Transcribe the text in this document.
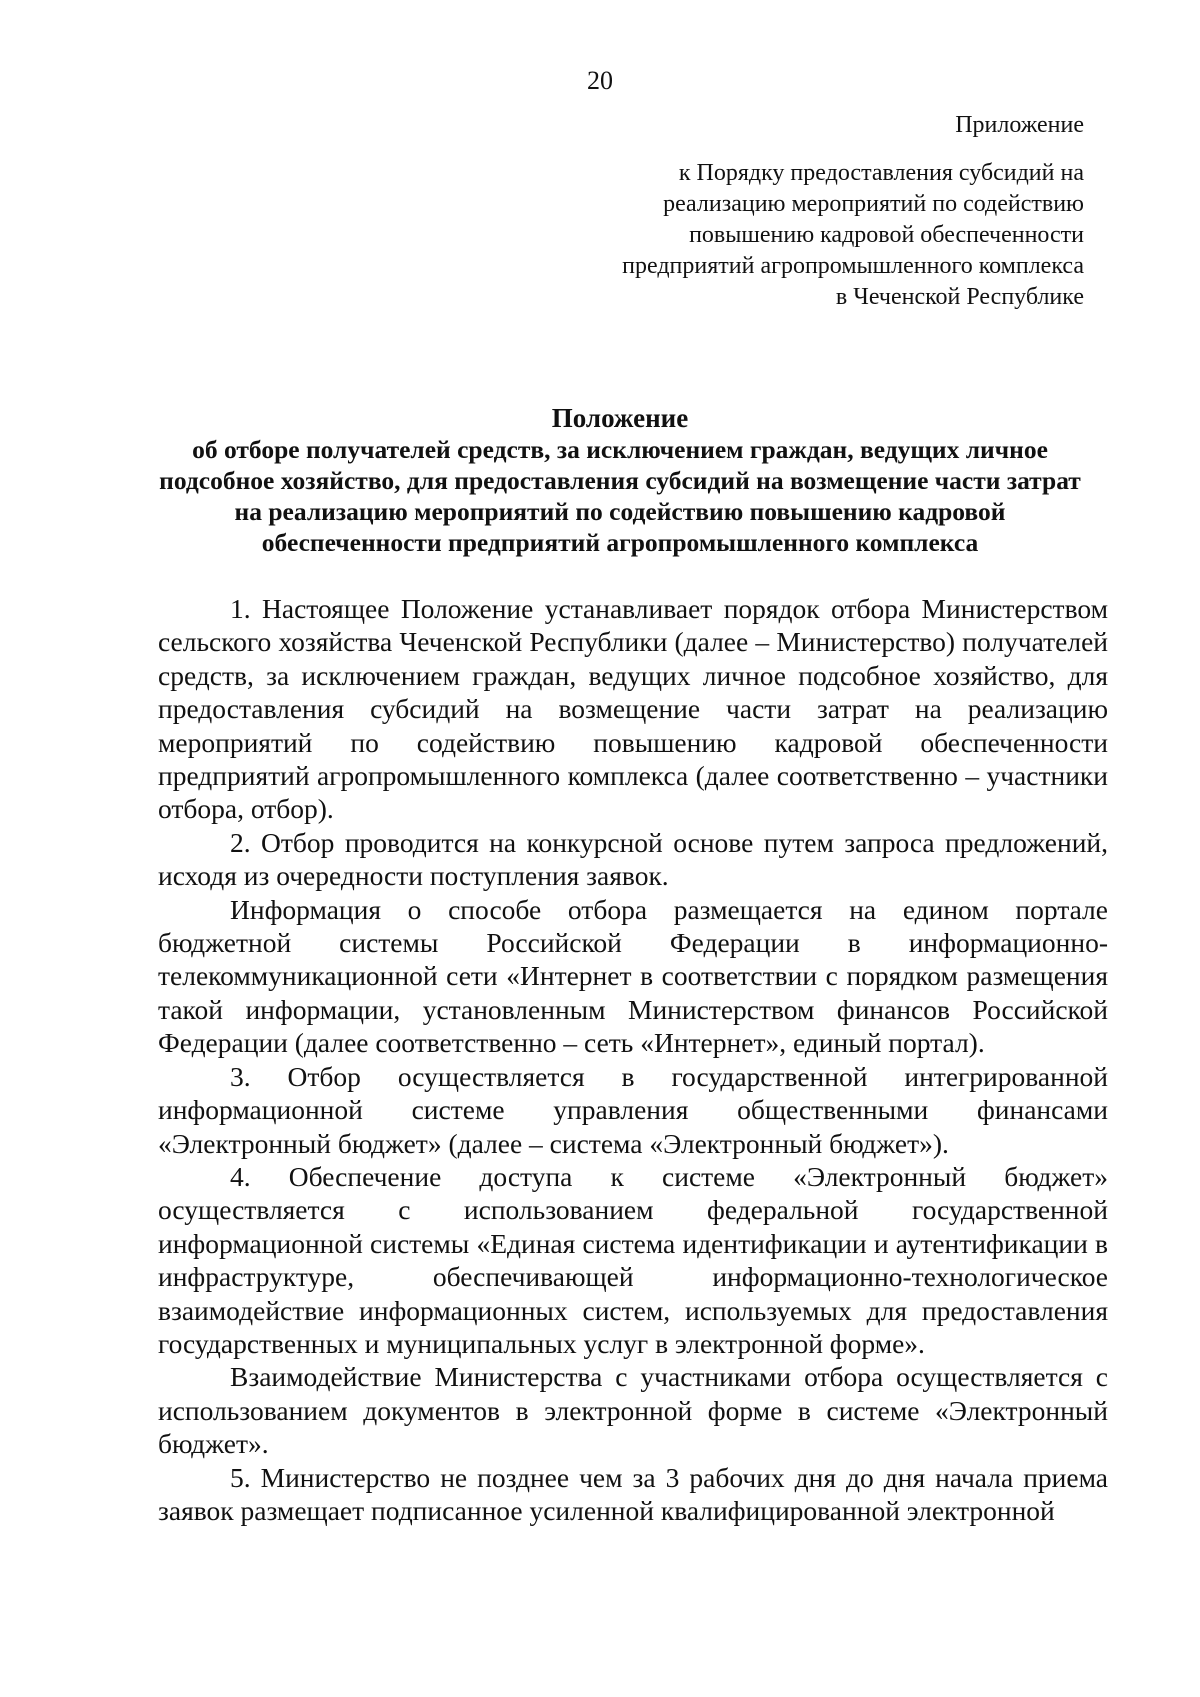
20
Приложение
к Порядку предоставления субсидий на реализацию мероприятий по содействию повышению кадровой обеспеченности предприятий агропромышленного комплекса в Чеченской Республике
Положение
об отборе получателей средств, за исключением граждан, ведущих личное подсобное хозяйство, для предоставления субсидий на возмещение части затрат на реализацию мероприятий по содействию повышению кадровой обеспеченности предприятий агропромышленного комплекса

1. Настоящее Положение устанавливает порядок отбора Министерством сельского хозяйства Чеченской Республики (далее – Министерство) получателей средств, за исключением граждан, ведущих личное подсобное хозяйство, для предоставления субсидий на возмещение части затрат на реализацию мероприятий по содействию повышению кадровой обеспеченности предприятий агропромышленного комплекса (далее соответственно – участники отбора, отбор).

2. Отбор проводится на конкурсной основе путем запроса предложений, исходя из очередности поступления заявок.

Информация о способе отбора размещается на едином портале бюджетной системы Российской Федерации в информационно-телекоммуникационной сети «Интернет в соответствии с порядком размещения такой информации, установленным Министерством финансов Российской Федерации (далее соответственно – сеть «Интернет», единый портал).

3. Отбор осуществляется в государственной интегрированной информационной системе управления общественными финансами «Электронный бюджет» (далее – система «Электронный бюджет»).

4. Обеспечение доступа к системе «Электронный бюджет» осуществляется с использованием федеральной государственной информационной системы «Единая система идентификации и аутентификации в инфраструктуре, обеспечивающей информационно-технологическое взаимодействие информационных систем, используемых для предоставления государственных и муниципальных услуг в электронной форме».

Взаимодействие Министерства с участниками отбора осуществляется с использованием документов в электронной форме в системе «Электронный бюджет».

5. Министерство не позднее чем за 3 рабочих дня до дня начала приема заявок размещает подписанное усиленной квалифицированной электронной
